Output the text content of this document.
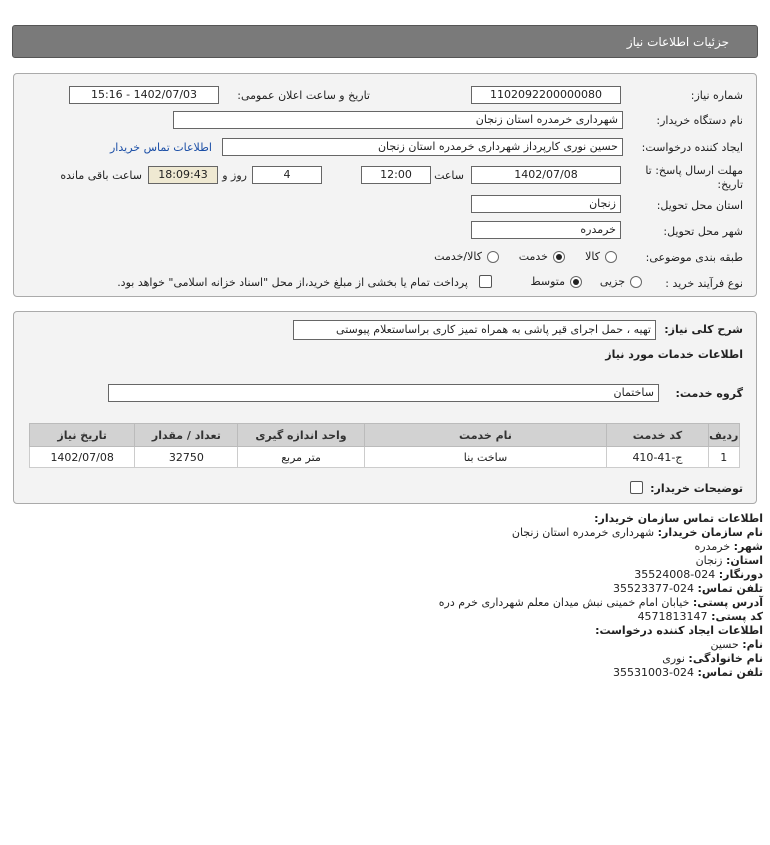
جزئیات اطلاعات نیاز
شماره نیاز:
1102092200000080
تاریخ و ساعت اعلان عمومی:
1402/07/03 - 15:16
نام دستگاه خریدار:
شهرداری خرمدره استان زنجان
ایجاد کننده درخواست:
حسین نوری کارپرداز شهرداری خرمدره استان زنجان
اطلاعات تماس خریدار
مهلت ارسال پاسخ: تا
تاریخ:
1402/07/08
ساعت
12:00
4
روز و
18:09:43
ساعت باقی مانده
استان محل تحویل:
زنجان
شهر محل تحویل:
خرمدره
طبقه بندی موضوعی:
کالا
خدمت
کالا/خدمت
نوع فرآیند خرید :
جزیی
متوسط
پرداخت تمام یا بخشی از مبلغ خرید،از محل "اسناد خزانه اسلامی" خواهد بود.
شرح کلی نیاز:
تهیه ، حمل اجرای قیر پاشی به همراه تمیز کاری براساستعلام پیوستی
اطلاعات خدمات مورد نیاز
گروه خدمت:
ساختمان
ردیف	کد خدمت	نام خدمت	واحد اندازه گیری	تعداد / مقدار	تاریخ نیاز
1	ج-41-410	ساخت بنا	متر مربع	32750	1402/07/08
توضیحات خریدار:
اطلاعات تماس سازمان خریدار:
نام سازمان خریدار: شهرداری خرمدره استان زنجان
شهر: خرمدره
استان: زنجان
دورنگار: 024-35524008
تلفن تماس: 024-35523377
آدرس پستی: خیابان امام خمینی نبش میدان معلم شهرداری خرم دره
کد پستی: 4571813147
اطلاعات ایجاد کننده درخواست:
نام: حسین
نام خانوادگی: نوری
تلفن تماس: 024-35531003
